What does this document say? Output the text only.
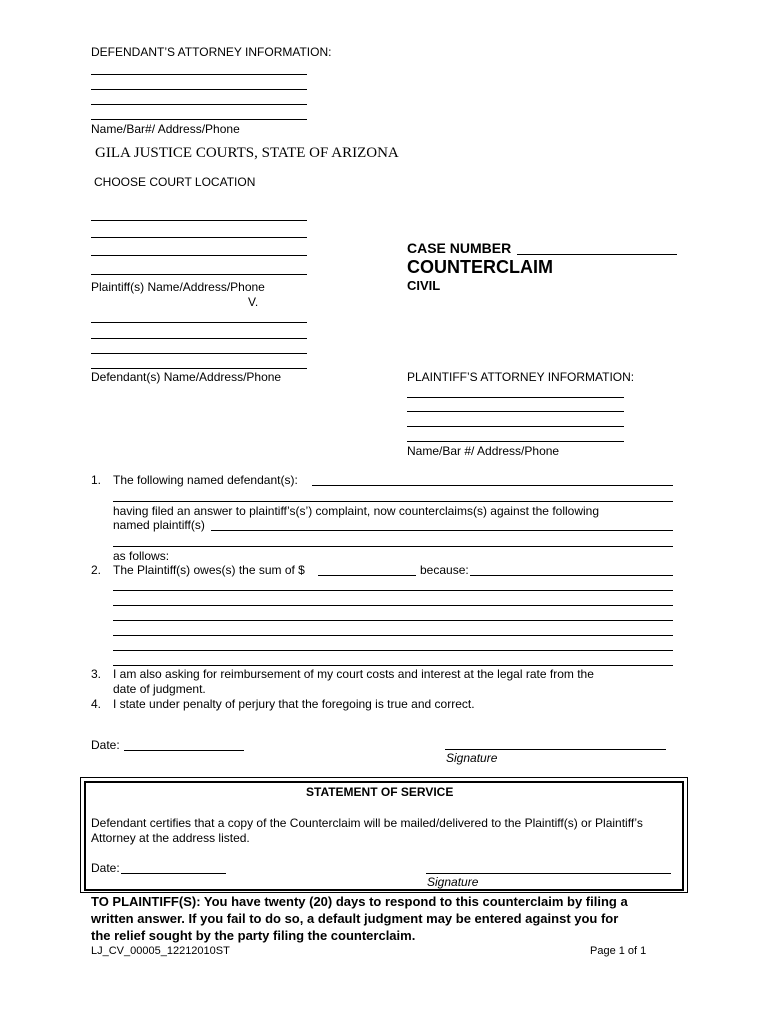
DEFENDANT’S ATTORNEY INFORMATION:
Name/Bar#/ Address/Phone
GILA JUSTICE COURTS, STATE OF ARIZONA
CHOOSE COURT LOCATION
Plaintiff(s) Name/Address/Phone
V.
CASE NUMBER
COUNTERCLAIM
CIVIL
Defendant(s) Name/Address/Phone	PLAINTIFF’S ATTORNEY INFORMATION:
Name/Bar #/ Address/Phone
1. The following named defendant(s):
having filed an answer to plaintiff’s(s’) complaint, now counterclaims(s) against the following
named plaintiff(s)
as follows:
2. The Plaintiff(s) owes(s) the sum of $	because:
3. I am also asking for reimbursement of my court costs and interest at the legal rate from the
date of judgment.
4. I state under penalty of perjury that the foregoing is true and correct.
Date:
Signature
STATEMENT OF SERVICE
Defendant certifies that a copy of the Counterclaim will be mailed/delivered to the Plaintiff(s) or Plaintiff’s
Attorney at the address listed.
Date:
Signature
TO PLAINTIFF(S): You have twenty (20) days to respond to this counterclaim by filing a
written answer. If you fail to do so, a default judgment may be entered against you for
the relief sought by the party filing the counterclaim.
LJ_CV_00005_12212010ST	Page 1 of 1
